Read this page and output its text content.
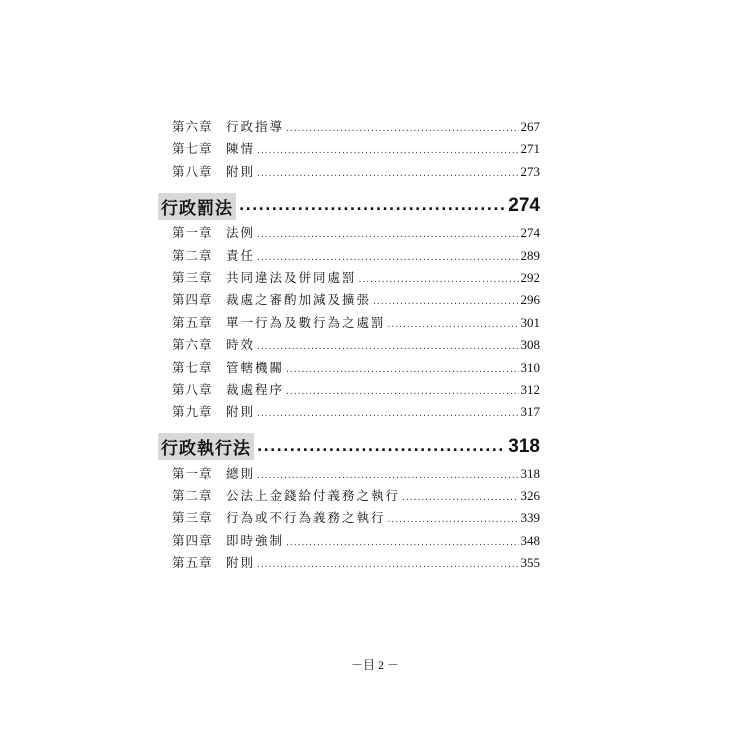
第六章	行政指導 .....	267
第七章	陳情 .....	271
第八章	附則 .....	273
行政罰法 .....	274
第一章	法例 .....	274
第二章	責任 .....	289
第三章	共同違法及併同處罰 .....	292
第四章	裁處之審酌加減及擴張 .....	296
第五章	單一行為及數行為之處罰 .....	301
第六章	時效 .....	308
第七章	管轄機關 .....	310
第八章	裁處程序 .....	312
第九章	附則 .....	317
行政執行法 .....	318
第一章	總則 .....	318
第二章	公法上金錢給付義務之執行 .....	326
第三章	行為或不行為義務之執行 .....	339
第四章	即時強制 .....	348
第五章	附則 .....	355
－目 2 －
